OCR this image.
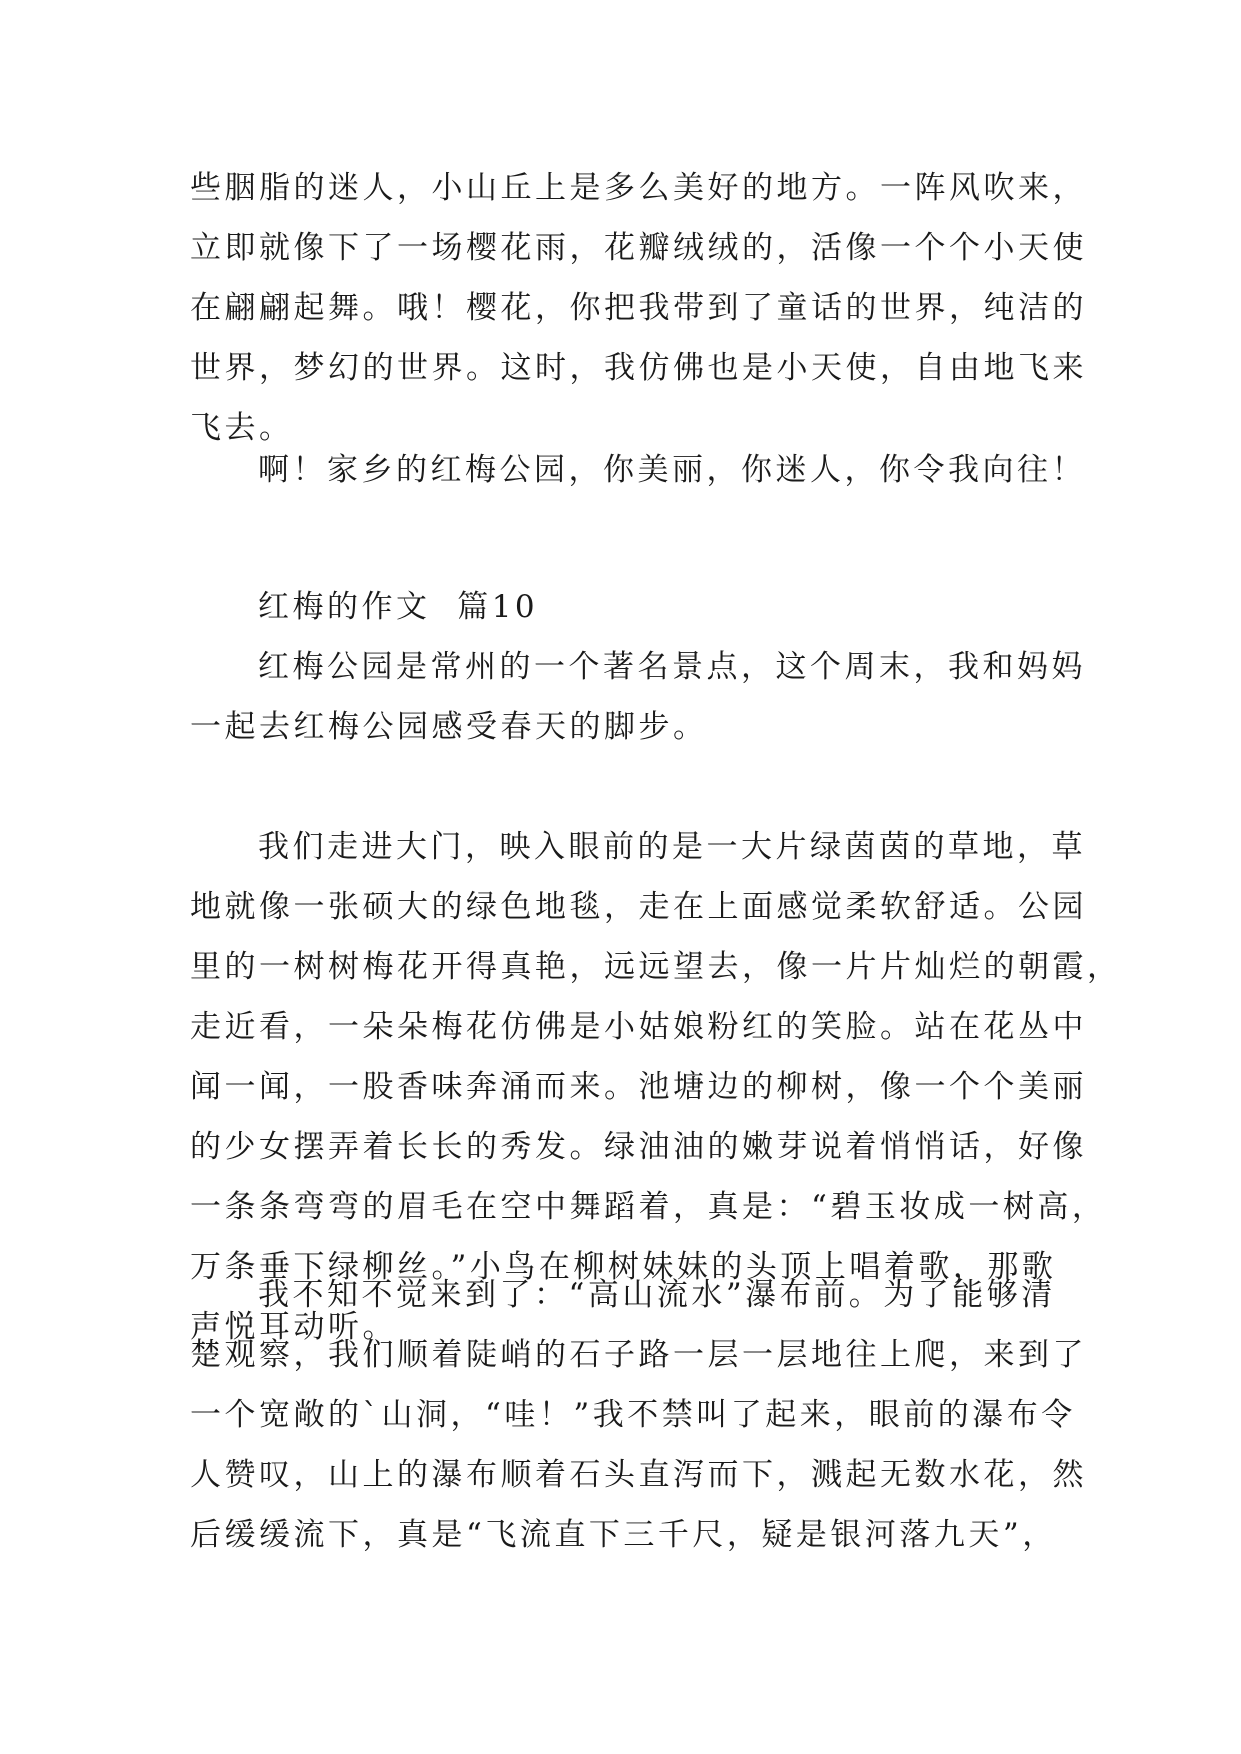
些胭脂的迷人，小山丘上是多么美好的地方。一阵风吹来，
立即就像下了一场樱花雨，花瓣绒绒的，活像一个个小天使
在翩翩起舞。哦！樱花，你把我带到了童话的世界，纯洁的
世界，梦幻的世界。这时，我仿佛也是小天使，自由地飞来
飞去。
啊！家乡的红梅公园，你美丽，你迷人，你令我向往！
红梅的作文  篇10
红梅公园是常州的一个著名景点，这个周末，我和妈妈
一起去红梅公园感受春天的脚步。
我们走进大门，映入眼前的是一大片绿茵茵的草地，草
地就像一张硕大的绿色地毯，走在上面感觉柔软舒适。公园
里的一树树梅花开得真艳，远远望去，像一片片灿烂的朝霞，
走近看，一朵朵梅花仿佛是小姑娘粉红的笑脸。站在花丛中
闻一闻，一股香味奔涌而来。池塘边的柳树，像一个个美丽
的少女摆弄着长长的秀发。绿油油的嫩芽说着悄悄话，好像
一条条弯弯的眉毛在空中舞蹈着，真是：“碧玉妆成一树高，
万条垂下绿柳丝。”小鸟在柳树妹妹的头顶上唱着歌，那歌
声悦耳动听。
我不知不觉来到了：“高山流水”瀑布前。为了能够清
楚观察，我们顺着陡峭的石子路一层一层地往上爬，来到了
一个宽敞的`山洞，“哇！”我不禁叫了起来，眼前的瀑布令
人赞叹，山上的瀑布顺着石头直泻而下，溅起无数水花，然
后缓缓流下，真是“飞流直下三千尺，疑是银河落九天”，
